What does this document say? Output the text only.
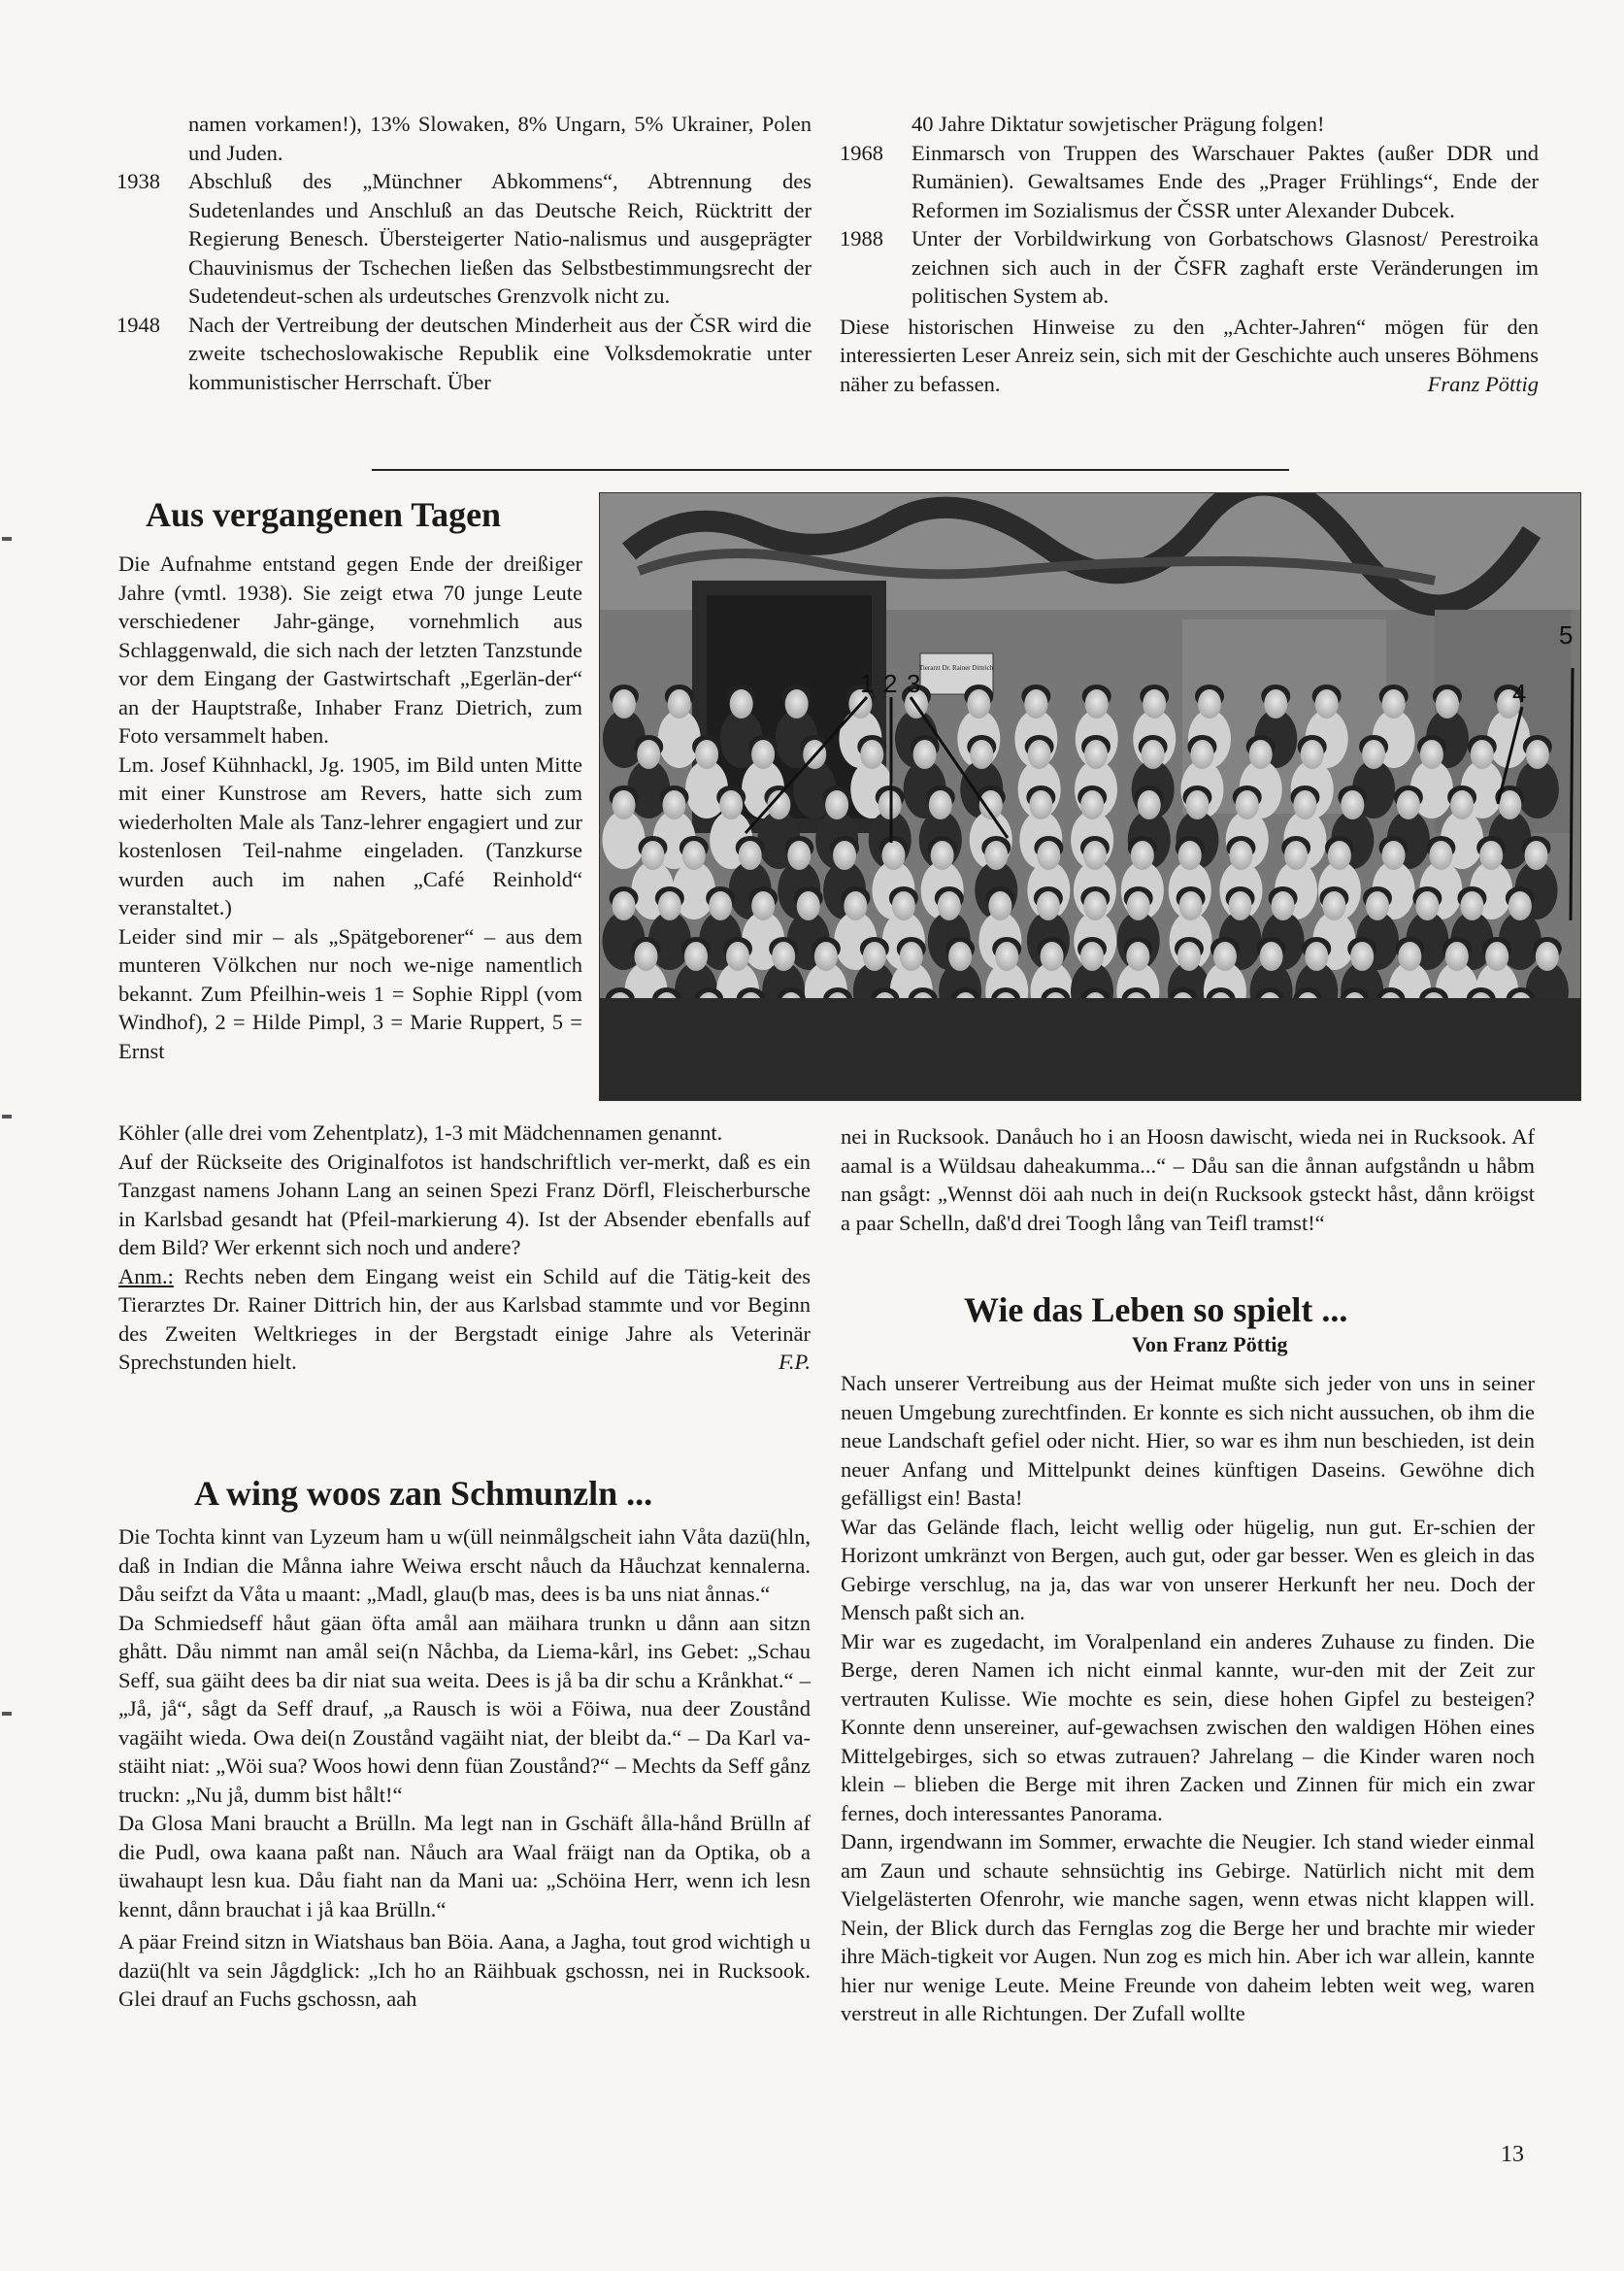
namen vorkamen!), 13% Slowaken, 8% Ungarn, 5% Ukrainer, Polen und Juden.
1938	Abschluß des „Münchner Abkommens“, Abtrennung des Sudetenlandes und Anschluß an das Deutsche Reich, Rücktritt der Regierung Benesch. Übersteigerter Natio-nalismus und ausgeprägter Chauvinismus der Tschechen ließen das Selbstbestimmungsrecht der Sudetendeut-schen als urdeutsches Grenzvolk nicht zu.
1948	Nach der Vertreibung der deutschen Minderheit aus der ČSR wird die zweite tschechoslowakische Republik eine Volksdemokratie unter kommunistischer Herrschaft. Über
40 Jahre Diktatur sowjetischer Prägung folgen!
1968	Einmarsch von Truppen des Warschauer Paktes (außer DDR und Rumänien). Gewaltsames Ende des „Prager Frühlings“, Ende der Reformen im Sozialismus der ČSSR unter Alexander Dubcek.
1988	Unter der Vorbildwirkung von Gorbatschows Glasnost/ Perestroika zeichnen sich auch in der ČSFR zaghaft erste Veränderungen im politischen System ab.

Diese historischen Hinweise zu den „Achter-Jahren“ mögen für den interessierten Leser Anreiz sein, sich mit der Geschichte auch unseres Böhmens näher zu befassen.	Franz Pöttig

Aus vergangenen Tagen

Die Aufnahme entstand gegen Ende der dreißiger Jahre (vmtl. 1938). Sie zeigt etwa 70 junge Leute verschiedener Jahr-gänge, vornehmlich aus Schlaggenwald, die sich nach der letzten Tanzstunde vor dem Eingang der Gastwirtschaft „Egerlän-der“ an der Hauptstraße, Inhaber Franz Dietrich, zum Foto versammelt haben.

Lm. Josef Kühnhackl, Jg. 1905, im Bild unten Mitte mit einer Kunstrose am Revers, hatte sich zum wiederholten Male als Tanz-lehrer engagiert und zur kostenlosen Teil-nahme eingeladen. (Tanzkurse wurden auch im nahen „Café Reinhold“ veranstaltet.)

Leider sind mir – als „Spätgeborener“ – aus dem munteren Völkchen nur noch we-nige namentlich bekannt. Zum Pfeilhin-weis 1 = Sophie Rippl (vom Windhof), 2 = Hilde Pimpl, 3 = Marie Ruppert, 5 = Ernst

Tierarzt Dr. Rainer Dittrich
1 2 3	4
5

Köhler (alle drei vom Zehentplatz), 1-3 mit Mädchennamen genannt.

Auf der Rückseite des Originalfotos ist handschriftlich ver-merkt, daß es ein Tanzgast namens Johann Lang an seinen Spezi Franz Dörfl, Fleischerbursche in Karlsbad gesandt hat (Pfeil-markierung 4). Ist der Absender ebenfalls auf dem Bild? Wer erkennt sich noch und andere?

Anm.: Rechts neben dem Eingang weist ein Schild auf die Tätig-keit des Tierarztes Dr. Rainer Dittrich hin, der aus Karlsbad stammte und vor Beginn des Zweiten Weltkrieges in der Bergstadt einige Jahre als Veterinär Sprechstunden hielt.	F.P.

A wing woos zan Schmunzln ...

Die Tochta kinnt van Lyzeum ham u w(üll neinmålgscheit iahn Våta dazü(hln, daß in Indian die Månna iahre Weiwa erscht nåuch da Håuchzat kennalerna. Dåu seifzt da Våta u maant: „Madl, glau(b mas, dees is ba uns niat ånnas.“

Da Schmiedseff håut gäan öfta amål aan mäihara trunkn u dånn aan sitzn ghått. Dåu nimmt nan amål sei(n Nåchba, da Liema-kårl, ins Gebet: „Schau Seff, sua gäiht dees ba dir niat sua weita. Dees is jå ba dir schu a Krånkhat.“ – „Jå, jå“, sågt da Seff drauf, „a Rausch is wöi a Föiwa, nua deer Zoustånd vagäiht wieda. Owa dei(n Zoustånd vagäiht niat, der bleibt da.“ – Da Karl va-stäiht niat: „Wöi sua? Woos howi denn füan Zoustånd?“ – Mechts da Seff gånz truckn: „Nu jå, dumm bist hålt!“

Da Glosa Mani braucht a Brülln. Ma legt nan in Gschäft ålla-hånd Brülln af die Pudl, owa kaana paßt nan. Nåuch ara Waal fräigt nan da Optika, ob a üwahaupt lesn kua. Dåu fiaht nan da Mani ua: „Schöina Herr, wenn ich lesn kennt, dånn brauchat i jå kaa Brülln.“

A päar Freind sitzn in Wiatshaus ban Böia. Aana, a Jagha, tout grod wichtigh u dazü(hlt va sein Jågdglick: „Ich ho an Räihbuak gschossn, nei in Rucksook. Glei drauf an Fuchs gschossn, aah

nei in Rucksook. Danåuch ho i an Hoosn dawischt, wieda nei in Rucksook. Af aamal is a Wüldsau daheakumma...“ – Dåu san die ånnan aufgståndn u håbm nan gsågt: „Wennst döi aah nuch in dei(n Rucksook gsteckt håst, dånn kröigst a paar Schelln, daß'd drei Toogh lång van Teifl tramst!“

Wie das Leben so spielt ...

Von Franz Pöttig

Nach unserer Vertreibung aus der Heimat mußte sich jeder von uns in seiner neuen Umgebung zurechtfinden. Er konnte es sich nicht aussuchen, ob ihm die neue Landschaft gefiel oder nicht. Hier, so war es ihm nun beschieden, ist dein neuer Anfang und Mittelpunkt deines künftigen Daseins. Gewöhne dich gefälligst ein! Basta!

War das Gelände flach, leicht wellig oder hügelig, nun gut. Er-schien der Horizont umkränzt von Bergen, auch gut, oder gar besser. Wen es gleich in das Gebirge verschlug, na ja, das war von unserer Herkunft her neu. Doch der Mensch paßt sich an.

Mir war es zugedacht, im Voralpenland ein anderes Zuhause zu finden. Die Berge, deren Namen ich nicht einmal kannte, wur-den mit der Zeit zur vertrauten Kulisse. Wie mochte es sein, diese hohen Gipfel zu besteigen? Konnte denn unsereiner, auf-gewachsen zwischen den waldigen Höhen eines Mittelgebirges, sich so etwas zutrauen? Jahrelang – die Kinder waren noch klein – blieben die Berge mit ihren Zacken und Zinnen für mich ein zwar fernes, doch interessantes Panorama.

Dann, irgendwann im Sommer, erwachte die Neugier. Ich stand wieder einmal am Zaun und schaute sehnsüchtig ins Gebirge. Natürlich nicht mit dem Vielgelästerten Ofenrohr, wie manche sagen, wenn etwas nicht klappen will. Nein, der Blick durch das Fernglas zog die Berge her und brachte mir wieder ihre Mäch-tigkeit vor Augen. Nun zog es mich hin. Aber ich war allein, kannte hier nur wenige Leute. Meine Freunde von daheim lebten weit weg, waren verstreut in alle Richtungen. Der Zufall wollte

13
